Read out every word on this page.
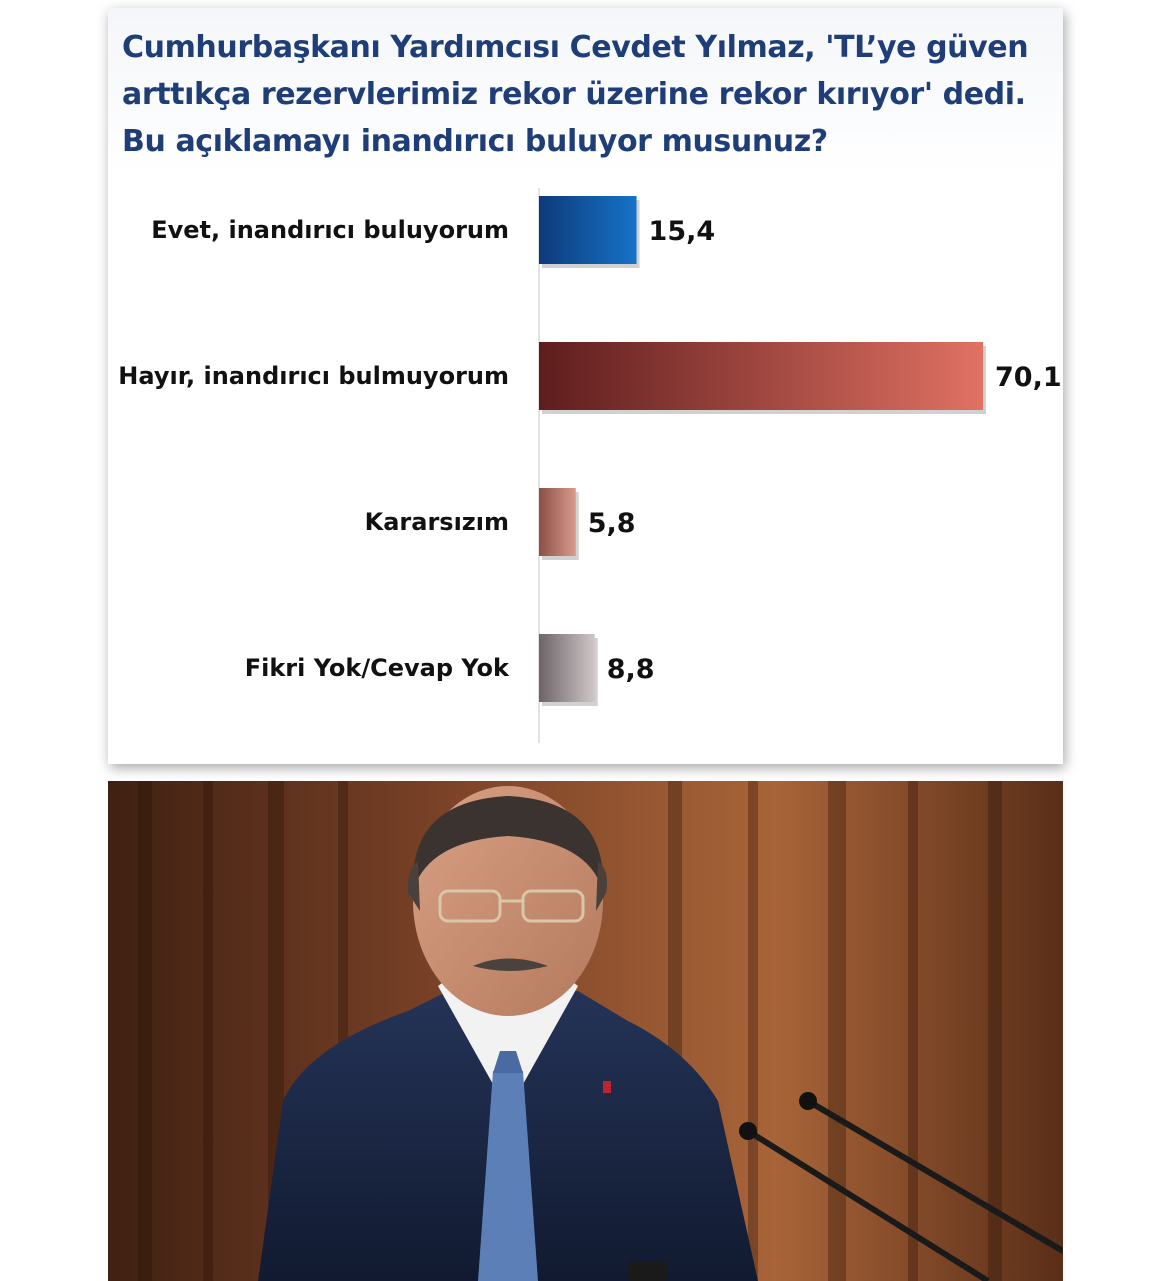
Cumhurbaşkanı Yardımcısı Cevdet Yılmaz, 'TL’ye güven arttıkça rezervlerimiz rekor üzerine rekor kırıyor' dedi. Bu açıklamayı inandırıcı buluyor musunuz?
Evet, inandırıcı buluyorum	15,4
Hayır, inandırıcı bulmuyorum	70,1
Kararsızım	5,8
Fikri Yok/Cevap Yok	8,8
